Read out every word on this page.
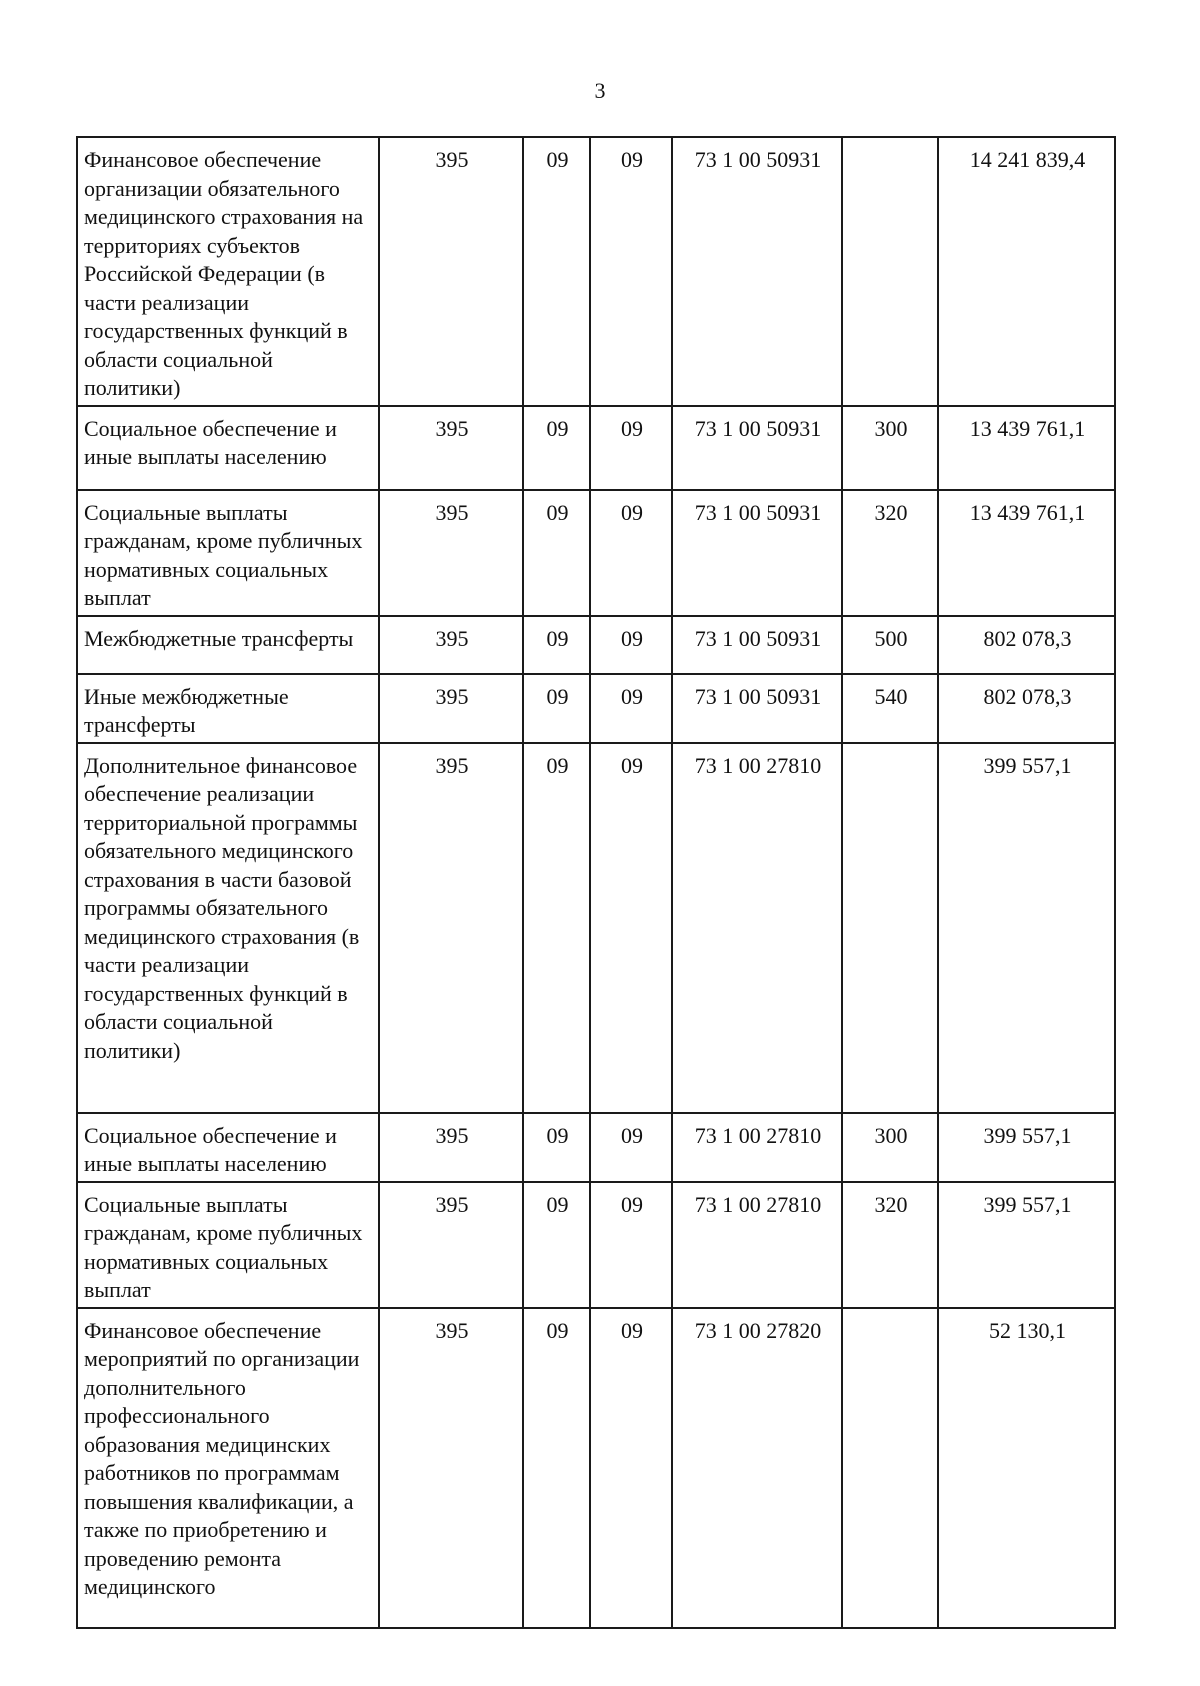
3
Финансовое обеспечение организации обязательного медицинского страхования на территориях субъектов Российской Федерации (в части реализации государственных функций в области социальной политики)	395	09	09	73 1 00 50931		14 241 839,4
Социальное обеспечение и иные выплаты населению	395	09	09	73 1 00 50931	300	13 439 761,1
Социальные выплаты гражданам, кроме публичных нормативных социальных выплат	395	09	09	73 1 00 50931	320	13 439 761,1
Межбюджетные трансферты	395	09	09	73 1 00 50931	500	802 078,3
Иные межбюджетные трансферты	395	09	09	73 1 00 50931	540	802 078,3
Дополнительное финансовое обеспечение реализации территориальной программы обязательного медицинского страхования в части базовой программы обязательного медицинского страхования (в части реализации государственных функций в области социальной политики)	395	09	09	73 1 00 27810		399 557,1
Социальное обеспечение и иные выплаты населению	395	09	09	73 1 00 27810	300	399 557,1
Социальные выплаты гражданам, кроме публичных нормативных социальных выплат	395	09	09	73 1 00 27810	320	399 557,1
Финансовое обеспечение мероприятий по организации дополнительного профессионального образования медицинских работников по программам повышения квалификации, а также по приобретению и проведению ремонта медицинского	395	09	09	73 1 00 27820		52 130,1
